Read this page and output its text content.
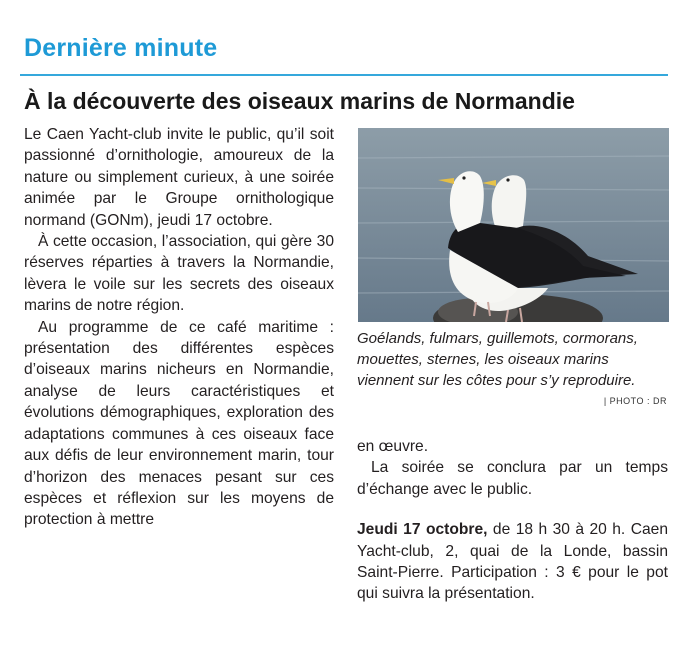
Dernière minute
À la découverte des oiseaux marins de Normandie

Le Caen Yacht-club invite le public, qu’il soit passionné d’ornithologie, amoureux de la nature ou simplement curieux, à une soirée animée par le Groupe ornithologique normand (GONm), jeudi 17 octobre.

À cette occasion, l’association, qui gère 30 réserves réparties à travers la Normandie, lèvera le voile sur les secrets des oiseaux marins de notre région.

Au programme de ce café maritime : présentation des différentes espèces d’oiseaux marins nicheurs en Normandie, analyse de leurs caractéristiques et évolutions démographiques, exploration des adaptations communes à ces oiseaux face aux défis de leur environnement marin, tour d’horizon des menaces pesant sur ces espèces et réflexion sur les moyens de protection à mettre

Goélands, fulmars, guillemots, cormorans, mouettes, sternes, les oiseaux marins viennent sur les côtes pour s’y reproduire.

| PHOTO : DR

en œuvre.

La soirée se conclura par un temps d’échange avec le public.

Jeudi 17 octobre, de 18 h 30 à 20 h. Caen Yacht-club, 2, quai de la Londe, bassin Saint-Pierre. Participation : 3 € pour le pot qui suivra la présentation.
